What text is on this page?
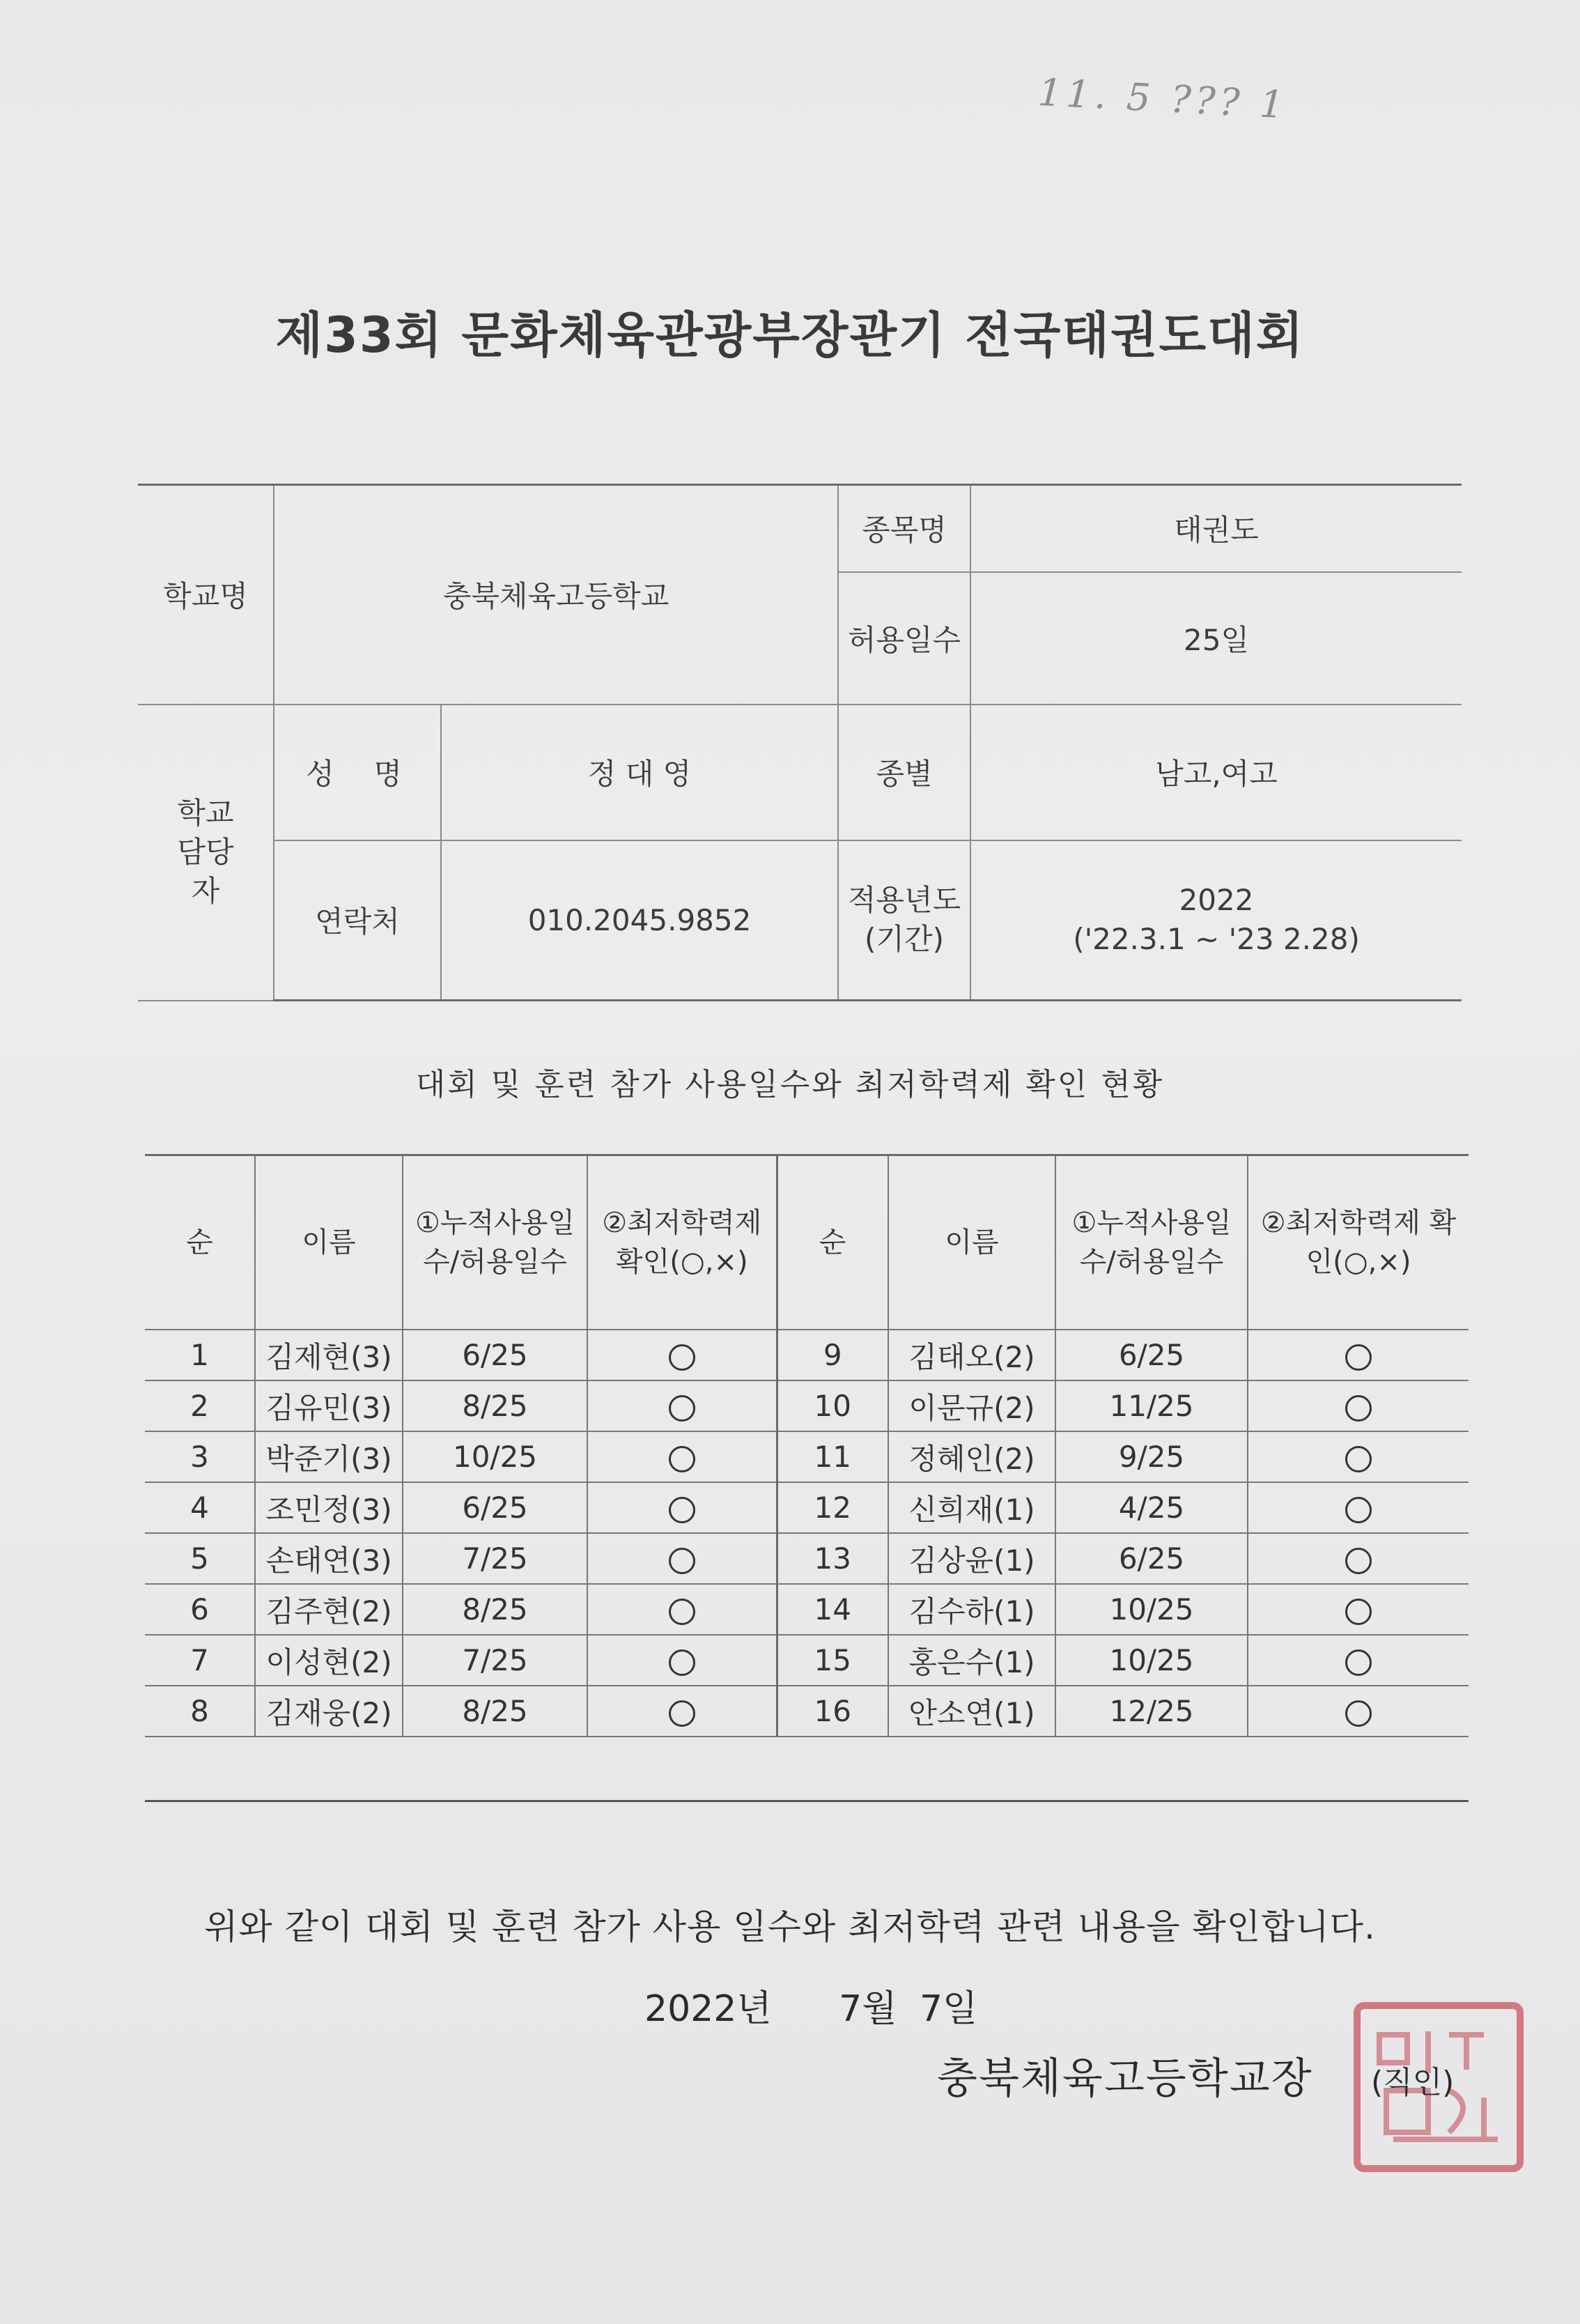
11. 5 ??? 1
제33회 문화체육관광부장관기 전국태권도대회
학교명	충북체육고등학교		종목명	태권도
			허용일수	25일
학교 담당자	성  명	정 대 영	종별	남고,여고
	연락처	010.2045.9852	적용년도 (기간)	2022
('22.3.1 ~ '23 2.28)
대회 및 훈련 참가 사용일수와 최저학력제 확인 현황
순	이름	①누적사용일수/허용일수	②최저학력제 확인(○,×)	순	이름	①누적사용일수/허용일수	②최저학력제 확인(○,×)
1	김제현(3)	6/25		9	김태오(2)	6/25	
2	김유민(3)	8/25		10	이문규(2)	11/25	
3	박준기(3)	10/25		11	정혜인(2)	9/25	
4	조민정(3)	6/25		12	신희재(1)	4/25	
5	손태연(3)	7/25		13	김상윤(1)	6/25	
6	김주현(2)	8/25		14	김수하(1)	10/25	
7	이성현(2)	7/25		15	홍은수(1)	10/25	
8	김재웅(2)	8/25		16	안소연(1)	12/25	

위와 같이 대회 및 훈련 참가 사용 일수와 최저학력 관련 내용을 확인합니다.
2022년 7월 7일
충북체육고등학교장 (직인)
